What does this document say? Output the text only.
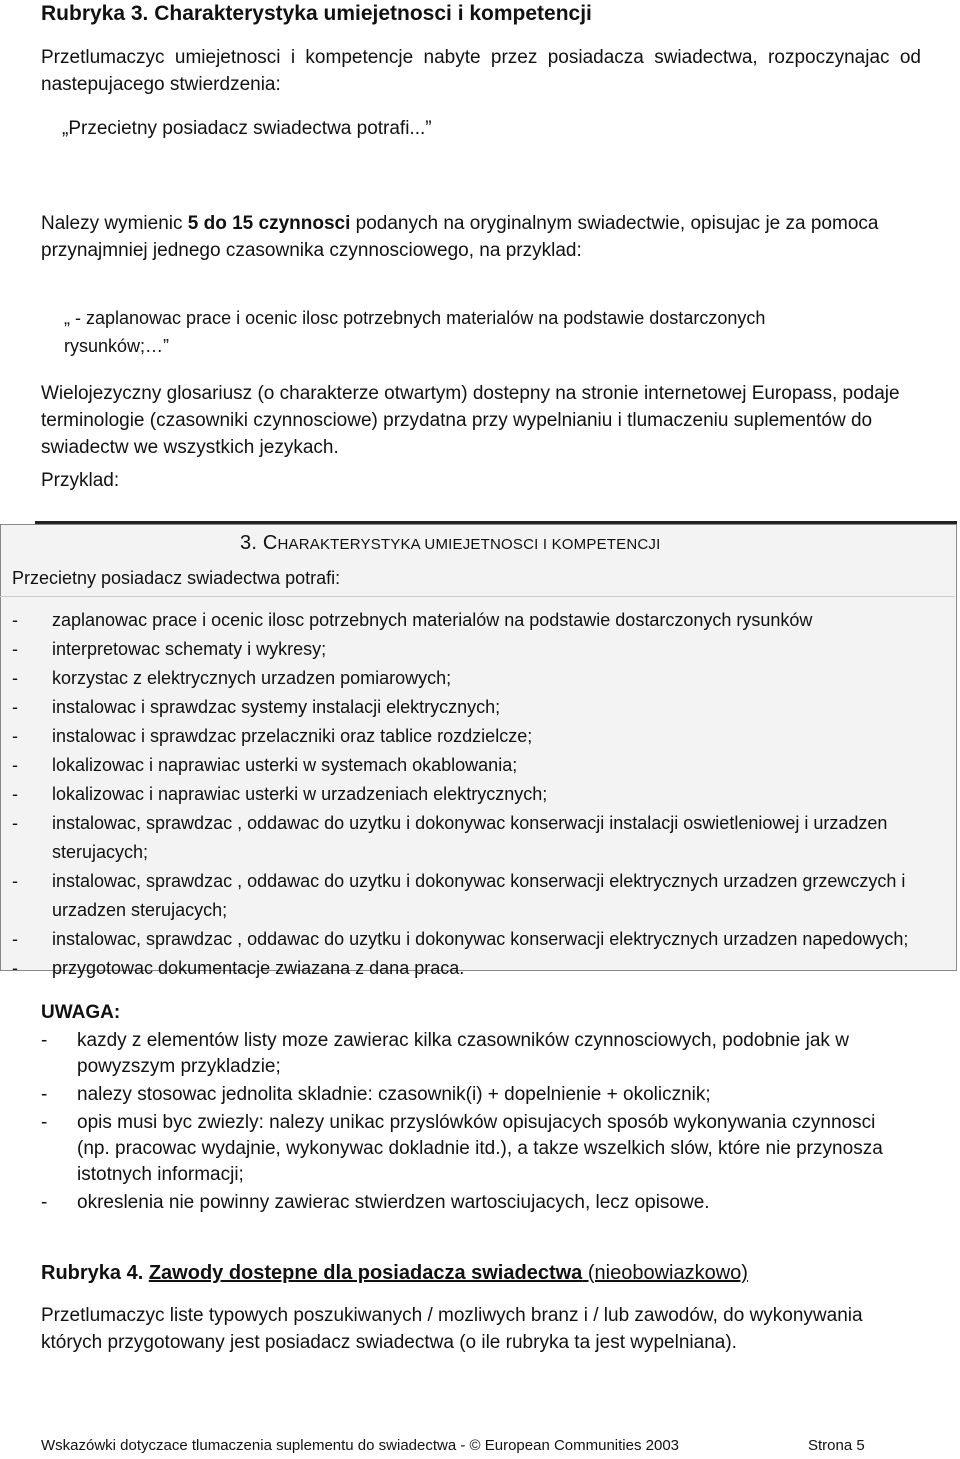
Rubryka 3. Charakterystyka umiejetnosci i kompetencji
Przetlumaczyc umiejetnosci i kompetencje nabyte przez posiadacza swiadectwa, rozpoczynajac od nastepujacego stwierdzenia:
„Przecietny posiadacz swiadectwa potrafi...”
Nalezy wymienic 5 do 15 czynnosci podanych na oryginalnym swiadectwie, opisujac je za pomoca przynajmniej jednego czasownika czynnosciowego, na przyklad:
„ - zaplanowac prace i ocenic ilosc potrzebnych materialów na podstawie dostarczonych rysunków;…”
Wielojezyczny glosariusz (o charakterze otwartym) dostepny na stronie internetowej Europass, podaje terminologie (czasowniki czynnosciowe) przydatna przy wypelnianiu i tlumaczeniu suplementów do swiadectw we wszystkich jezykach.
Przyklad:
3. CHARAKTERYSTYKA UMIEJETNOSCI I KOMPETENCJI
Przecietny posiadacz swiadectwa potrafi:
-	zaplanowac prace i ocenic ilosc potrzebnych materialów na podstawie dostarczonych rysunków
-	interpretowac schematy i wykresy;
-	korzystac z elektrycznych urzadzen pomiarowych;
-	instalowac i sprawdzac systemy instalacji elektrycznych;
-	instalowac i sprawdzac przelaczniki oraz tablice rozdzielcze;
-	lokalizowac i naprawiac usterki w systemach okablowania;
-	lokalizowac i naprawiac usterki w urzadzeniach elektrycznych;
-	instalowac, sprawdzac , oddawac do uzytku i dokonywac konserwacji instalacji oswietleniowej i urzadzen sterujacych;
-	instalowac, sprawdzac , oddawac do uzytku i dokonywac konserwacji elektrycznych urzadzen grzewczych i urzadzen sterujacych;
-	instalowac, sprawdzac , oddawac do uzytku i dokonywac konserwacji elektrycznych urzadzen napedowych;
-	przygotowac dokumentacje zwiazana z dana praca.
UWAGA:
-	kazdy z elementów listy moze zawierac kilka czasowników czynnosciowych, podobnie jak w powyzszym przykladzie;
-	nalezy stosowac jednolita skladnie: czasownik(i) + dopelnienie + okolicznik;
-	opis musi byc zwiezly: nalezy unikac przyslówków opisujacych sposób wykonywania czynnosci (np. pracowac wydajnie, wykonywac dokladnie itd.), a takze wszelkich slów, które nie przynosza istotnych informacji;
-	okreslenia nie powinny zawierac stwierdzen wartosciujacych, lecz opisowe.
Rubryka 4. Zawody dostepne dla posiadacza swiadectwa (nieobowiazkowo)
Przetlumaczyc liste typowych poszukiwanych / mozliwych branz i / lub zawodów, do wykonywania których przygotowany jest posiadacz swiadectwa (o ile rubryka ta jest wypelniana).
Wskazówki dotyczace tlumaczenia suplementu do swiadectwa - © European Communities 2003	Strona 5
